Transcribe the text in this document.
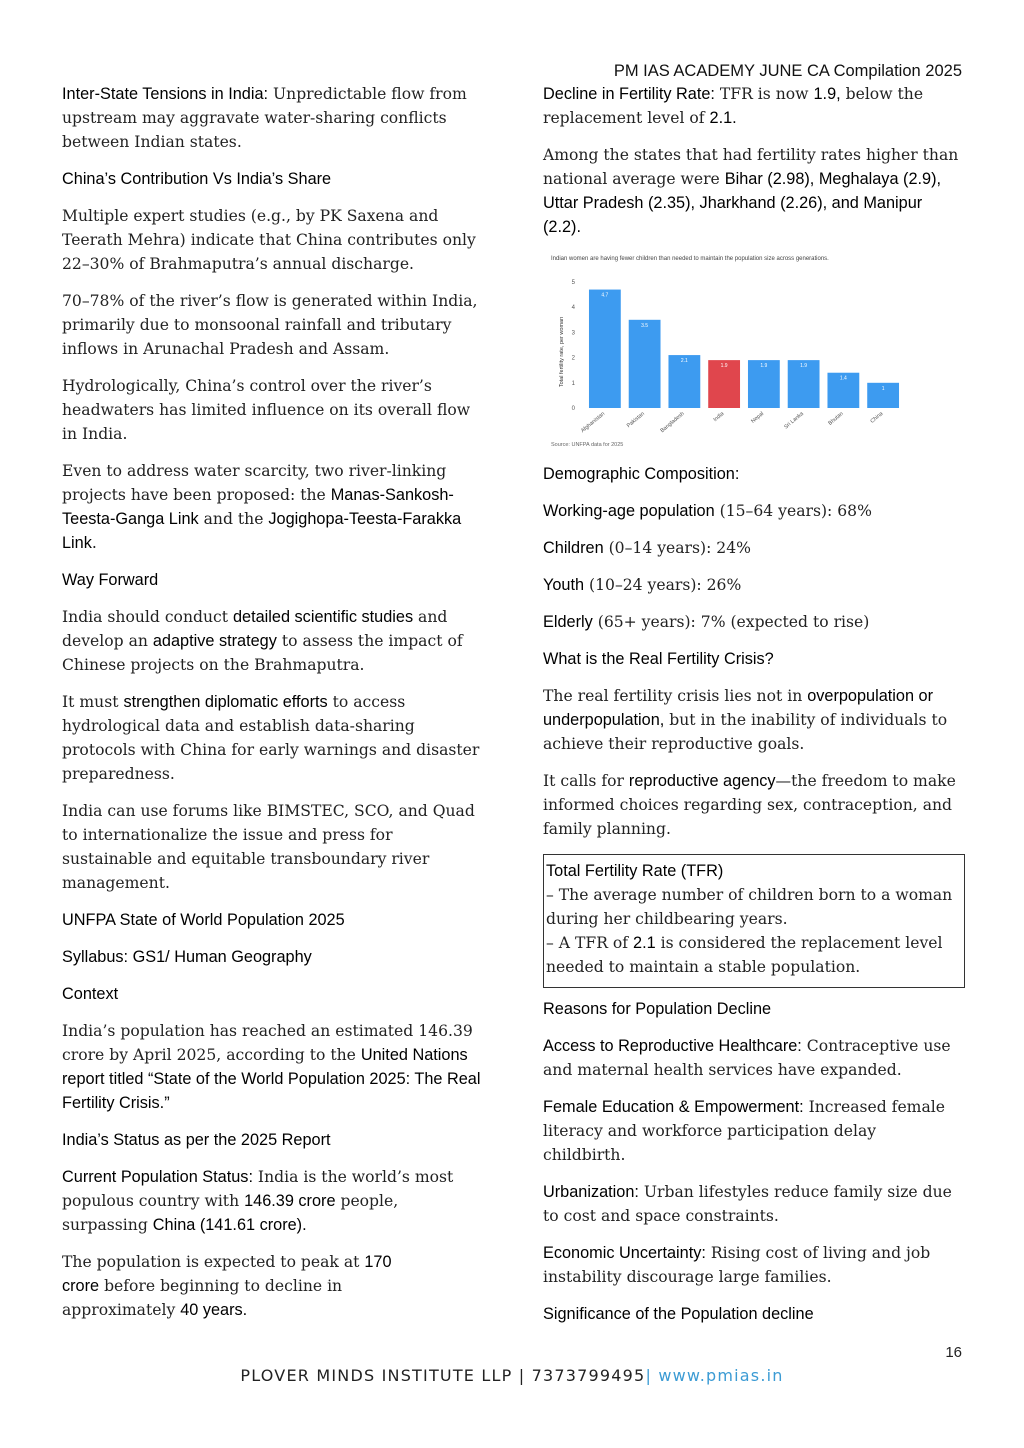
PM IAS ACADEMY JUNE CA Compilation 2025

Inter-State Tensions in India: Unpredictable flow from upstream may aggravate water-sharing conflicts between Indian states.

China’s Contribution Vs India’s Share

Multiple expert studies (e.g., by PK Saxena and Teerath Mehra) indicate that China contributes only 22–30% of Brahmaputra’s annual discharge.

70–78% of the river’s flow is generated within India, primarily due to monsoonal rainfall and tributary inflows in Arunachal Pradesh and Assam.

Hydrologically, China’s control over the river’s headwaters has limited influence on its overall flow in India.

Even to address water scarcity, two river-linking projects have been proposed: the Manas-Sankosh-Teesta-Ganga Link and the Jogighopa-Teesta-Farakka Link.

Way Forward

India should conduct detailed scientific studies and develop an adaptive strategy to assess the impact of Chinese projects on the Brahmaputra.

It must strengthen diplomatic efforts to access hydrological data and establish data-sharing protocols with China for early warnings and disaster preparedness.

India can use forums like BIMSTEC, SCO, and Quad to internationalize the issue and press for sustainable and equitable transboundary river management.

UNFPA State of World Population 2025
Syllabus: GS1/ Human Geography
Context

India’s population has reached an estimated 146.39 crore by April 2025, according to the United Nations report titled “State of the World Population 2025: The Real Fertility Crisis.”

India’s Status as per the 2025 Report

Current Population Status: India is the world’s most populous country with 146.39 crore people, surpassing China (141.61 crore).

The population is expected to peak at 170 crore before beginning to decline in approximately 40 years.

Decline in Fertility Rate: TFR is now 1.9, below the replacement level of 2.1.

Among the states that had fertility rates higher than national average were Bihar (2.98), Meghalaya (2.9), Uttar Pradesh (2.35), Jharkhand (2.26), and Manipur (2.2).

Indian women are having fewer children than needed to maintain the population size across generations.
Total fertility rate, per woman
Source: UNFPA data for 2025
0
1
2
3
4
5
4.7
Afghanistan
3.5
Pakistan
2.1
Bangladesh
1.9
India
1.9
Nepal
1.9
Sri Lanka
1.4
Bhutan
1
China
Demographic Composition:

Working-age population (15–64 years): 68%

Children (0–14 years): 24%

Youth (10–24 years): 26%

Elderly (65+ years): 7% (expected to rise)

What is the Real Fertility Crisis?

The real fertility crisis lies not in overpopulation or underpopulation, but in the inability of individuals to achieve their reproductive goals.

It calls for reproductive agency—the freedom to make informed choices regarding sex, contraception, and family planning.

Total Fertility Rate (TFR)
– The average number of children born to a woman during her childbearing years.
– A TFR of 2.1 is considered the replacement level needed to maintain a stable population.
Reasons for Population Decline

Access to Reproductive Healthcare: Contraceptive use and maternal health services have expanded.

Female Education & Empowerment: Increased female literacy and workforce participation delay childbirth.

Urbanization: Urban lifestyles reduce family size due to cost and space constraints.

Economic Uncertainty: Rising cost of living and job instability discourage large families.

Significance of the Population decline
16
PLOVER MINDS INSTITUTE LLP | 7373799495| www.pmias.in
